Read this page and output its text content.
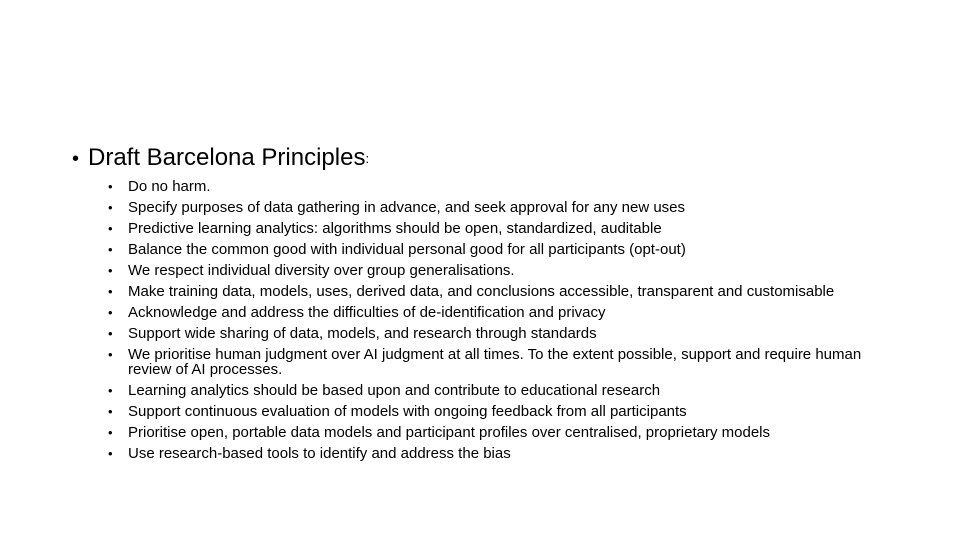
• Draft Barcelona Principles:
• Do no harm.
• Specify purposes of data gathering in advance, and seek approval for any new uses
• Predictive learning analytics: algorithms should be open, standardized, auditable
• Balance the common good with individual personal good for all participants (opt-out)
• We respect individual diversity over group generalisations.
• Make training data, models, uses, derived data, and conclusions accessible, transparent and customisable
• Acknowledge and address the difficulties of de-identification and privacy
• Support wide sharing of data, models, and research through standards
• We prioritise human judgment over AI judgment at all times. To the extent possible, support and require human review of AI processes.
• Learning analytics should be based upon and contribute to educational research
• Support continuous evaluation of models with ongoing feedback from all participants
• Prioritise open, portable data models and participant profiles over centralised, proprietary models
• Use research-based tools to identify and address the bias
